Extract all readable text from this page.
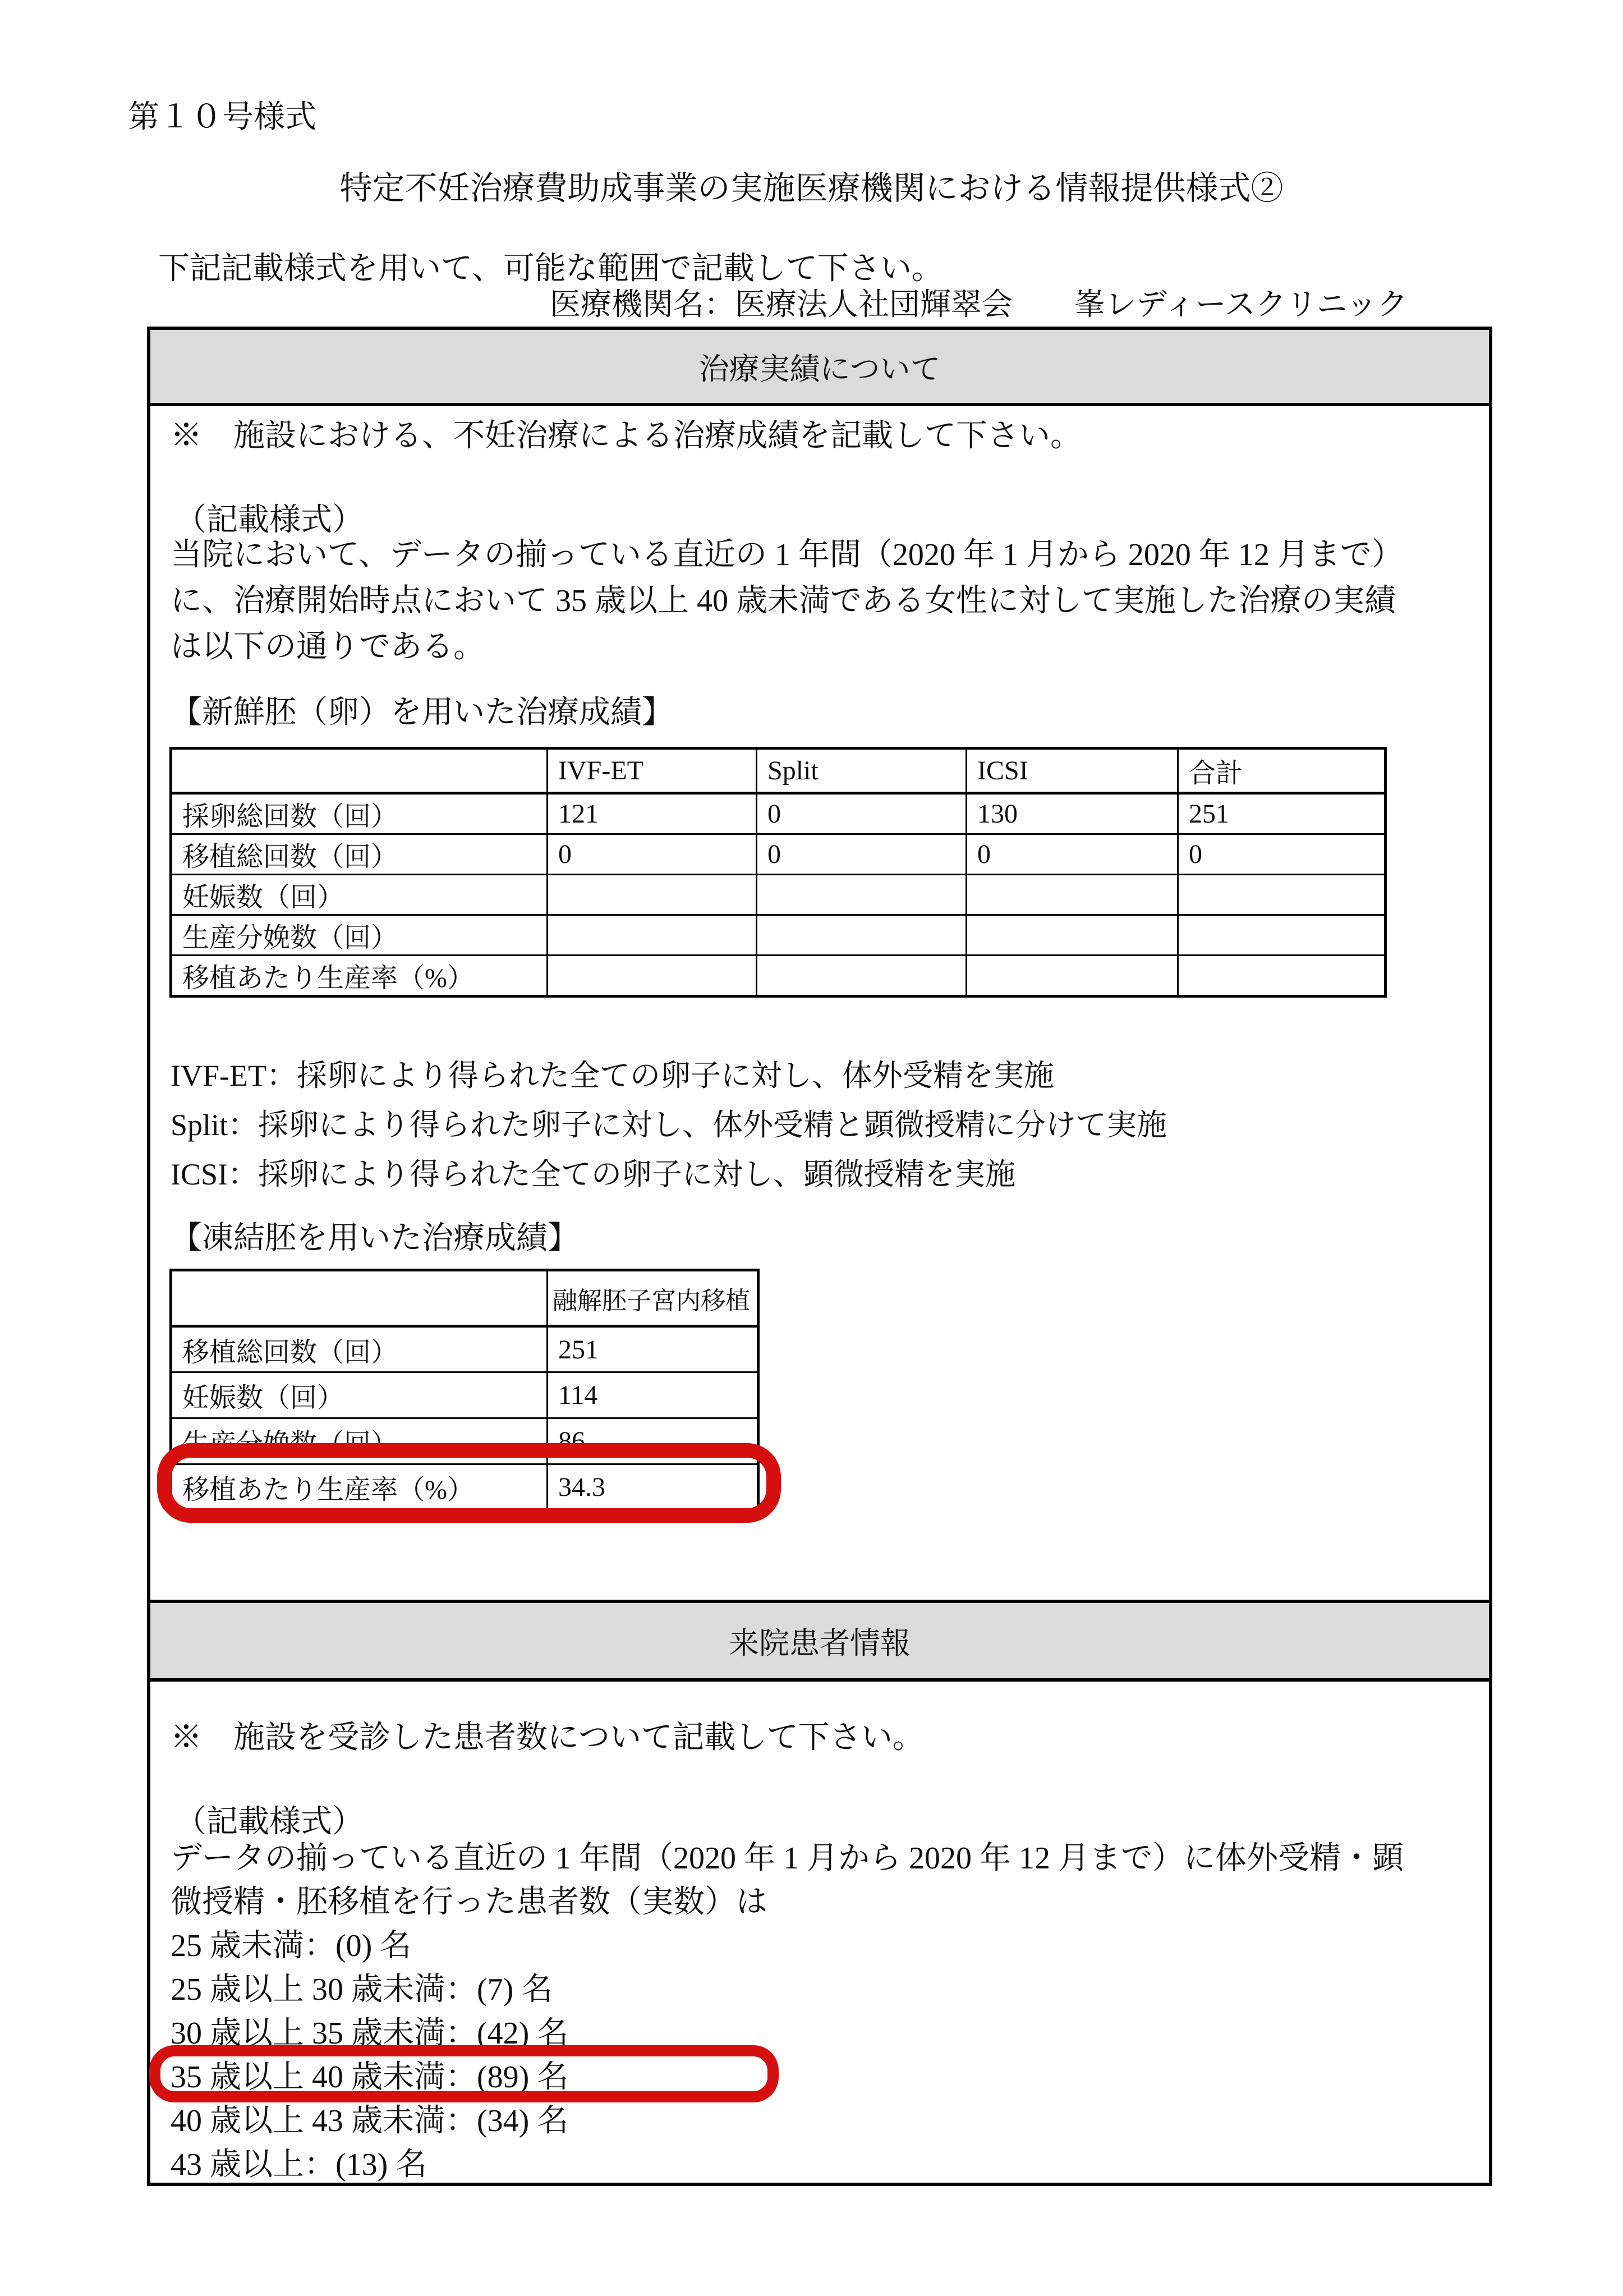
第１０号様式
特定不妊治療費助成事業の実施医療機関における情報提供様式②
下記記載様式を用いて、可能な範囲で記載して下さい。
医療機関名：医療法人社団輝翠会　　峯レディースクリニック
治療実績について
※　施設における、不妊治療による治療成績を記載して下さい。
（記載様式）
当院において、データの揃っている直近の 1 年間（2020 年 1 月から 2020 年 12 月まで）
に、治療開始時点において 35 歳以上 40 歳未満である女性に対して実施した治療の実績
は以下の通りである。
【新鮮胚（卵）を用いた治療成績】
	IVF-ET	Split	ICSI	合計
採卵総回数（回）	121	0	130	251
移植総回数（回）	0	0	0	0
妊娠数（回）				
生産分娩数（回）				
移植あたり生産率（%）				
IVF-ET：採卵により得られた全ての卵子に対し、体外受精を実施
Split：採卵により得られた卵子に対し、体外受精と顕微授精に分けて実施
ICSI：採卵により得られた全ての卵子に対し、顕微授精を実施
【凍結胚を用いた治療成績】
	融解胚子宮内移植
移植総回数（回）	251
妊娠数（回）	114
生産分娩数（回）	86
移植あたり生産率（%）	34.3
来院患者情報
※　施設を受診した患者数について記載して下さい。
（記載様式）
データの揃っている直近の 1 年間（2020 年 1 月から 2020 年 12 月まで）に体外受精・顕
微授精・胚移植を行った患者数（実数）は
25 歳未満：(0) 名
25 歳以上 30 歳未満：(7) 名
30 歳以上 35 歳未満：(42) 名
35 歳以上 40 歳未満：(89) 名
40 歳以上 43 歳未満：(34) 名
43 歳以上：(13) 名
